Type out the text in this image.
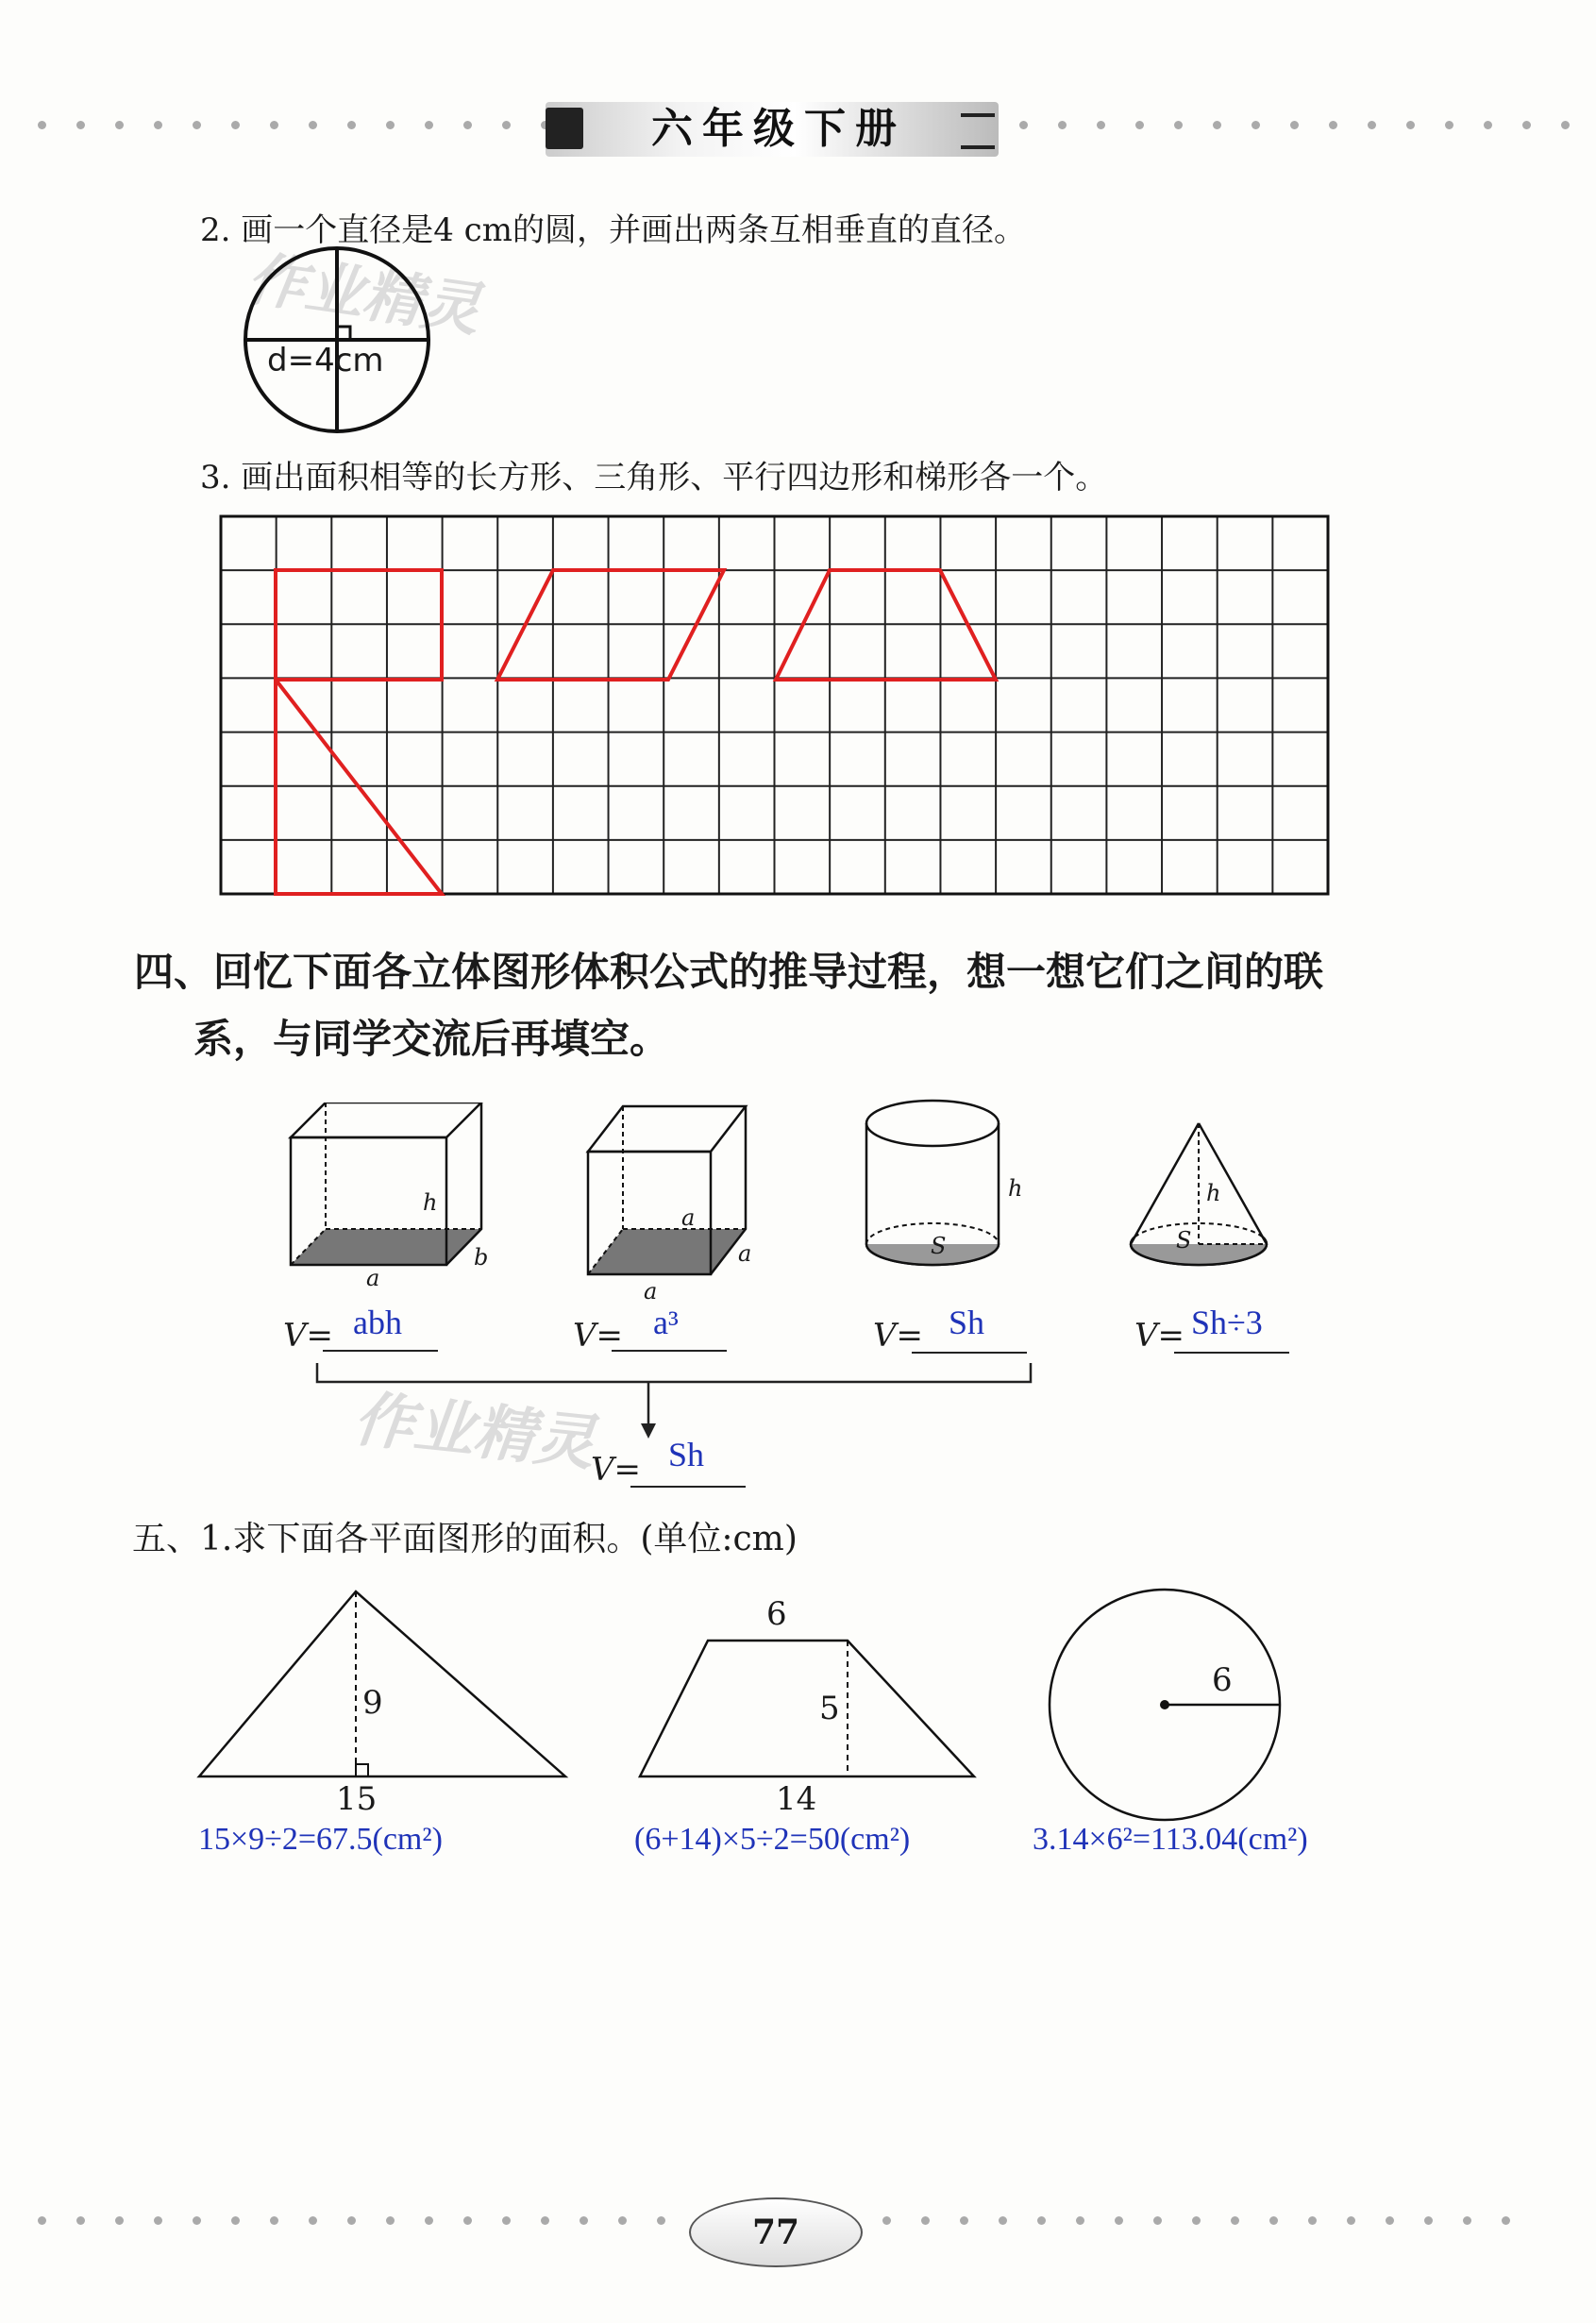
六年级下册
2. 画一个直径是4 cm的圆，并画出两条互相垂直的直径。
作业精灵
d=4cm
3. 画出面积相等的长方形、三角形、平行四边形和梯形各一个。
四、回忆下面各立体图形体积公式的推导过程，想一想它们之间的联
系，与同学交流后再填空。
h
a
b
a
a
a
h
S
h
S
V= abh	V= a³	V= Sh	V= Sh÷3
作业精灵
V= Sh
五、1.求下面各平面图形的面积。(单位:cm)
9
15
15×9÷2=67.5(cm²)
6
5
14
(6+14)×5÷2=50(cm²)
6
3.14×6²=113.04(cm²)
77
